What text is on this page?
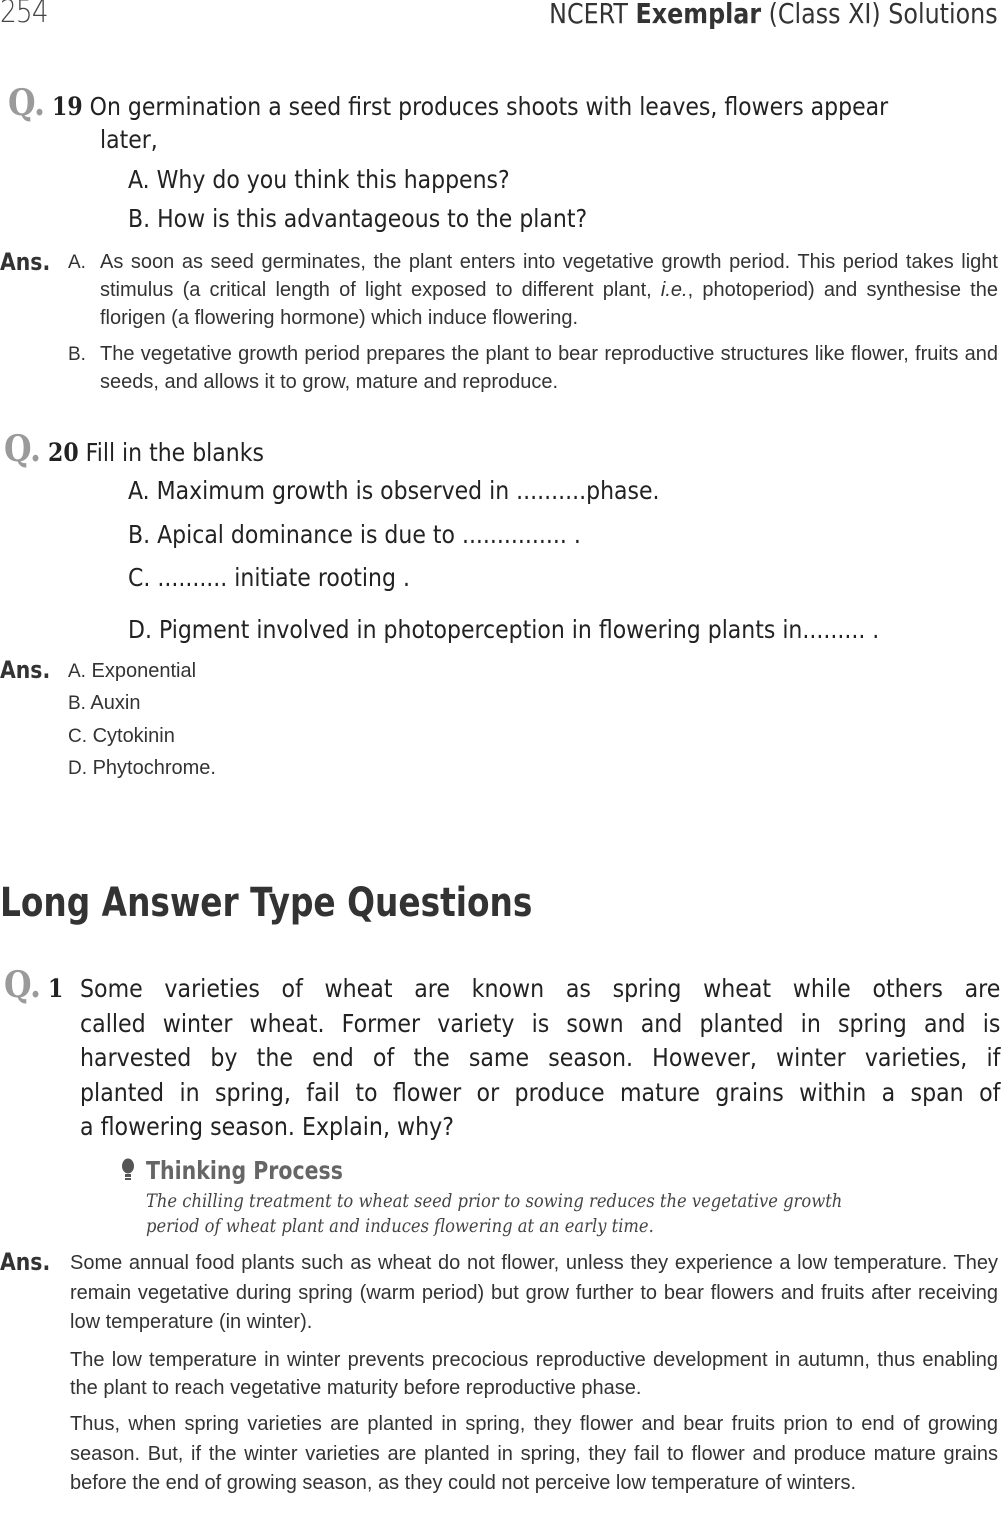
254	NCERT Exemplar (Class XI) Solutions
Q. 19 On germination a seed first produces shoots with leaves, flowers appear
later,
A. Why do you think this happens?
B. How is this advantageous to the plant?
Ans. A. As soon as seed germinates, the plant enters into vegetative growth period. This period takes light stimulus (a critical length of light exposed to different plant, i.e., photoperiod) and synthesise the florigen (a flowering hormone) which induce flowering.
B. The vegetative growth period prepares the plant to bear reproductive structures like flower, fruits and seeds, and allows it to grow, mature and reproduce.
Q. 20 Fill in the blanks
A. Maximum growth is observed in ..........phase.
B. Apical dominance is due to ............... .
C. .......... initiate rooting .
D. Pigment involved in photoperception in flowering plants in......... .
Ans. A. Exponential
B. Auxin
C. Cytokinin
D. Phytochrome.
Long Answer Type Questions
Q. 1 Some varieties of wheat are known as spring wheat while others are
called winter wheat. Former variety is sown and planted in spring and is
harvested by the end of the same season. However, winter varieties, if
planted in spring, fail to flower or produce mature grains within a span of
a flowering season. Explain, why?
Thinking Process
The chilling treatment to wheat seed prior to sowing reduces the vegetative growth
period of wheat plant and induces flowering at an early time.
Ans. Some annual food plants such as wheat do not flower, unless they experience a low temperature. They remain vegetative during spring (warm period) but grow further to bear flowers and fruits after receiving low temperature (in winter).
The low temperature in winter prevents precocious reproductive development in autumn, thus enabling the plant to reach vegetative maturity before reproductive phase.
Thus, when spring varieties are planted in spring, they flower and bear fruits prion to end of growing season. But, if the winter varieties are planted in spring, they fail to flower and produce mature grains before the end of growing season, as they could not perceive low temperature of winters.
